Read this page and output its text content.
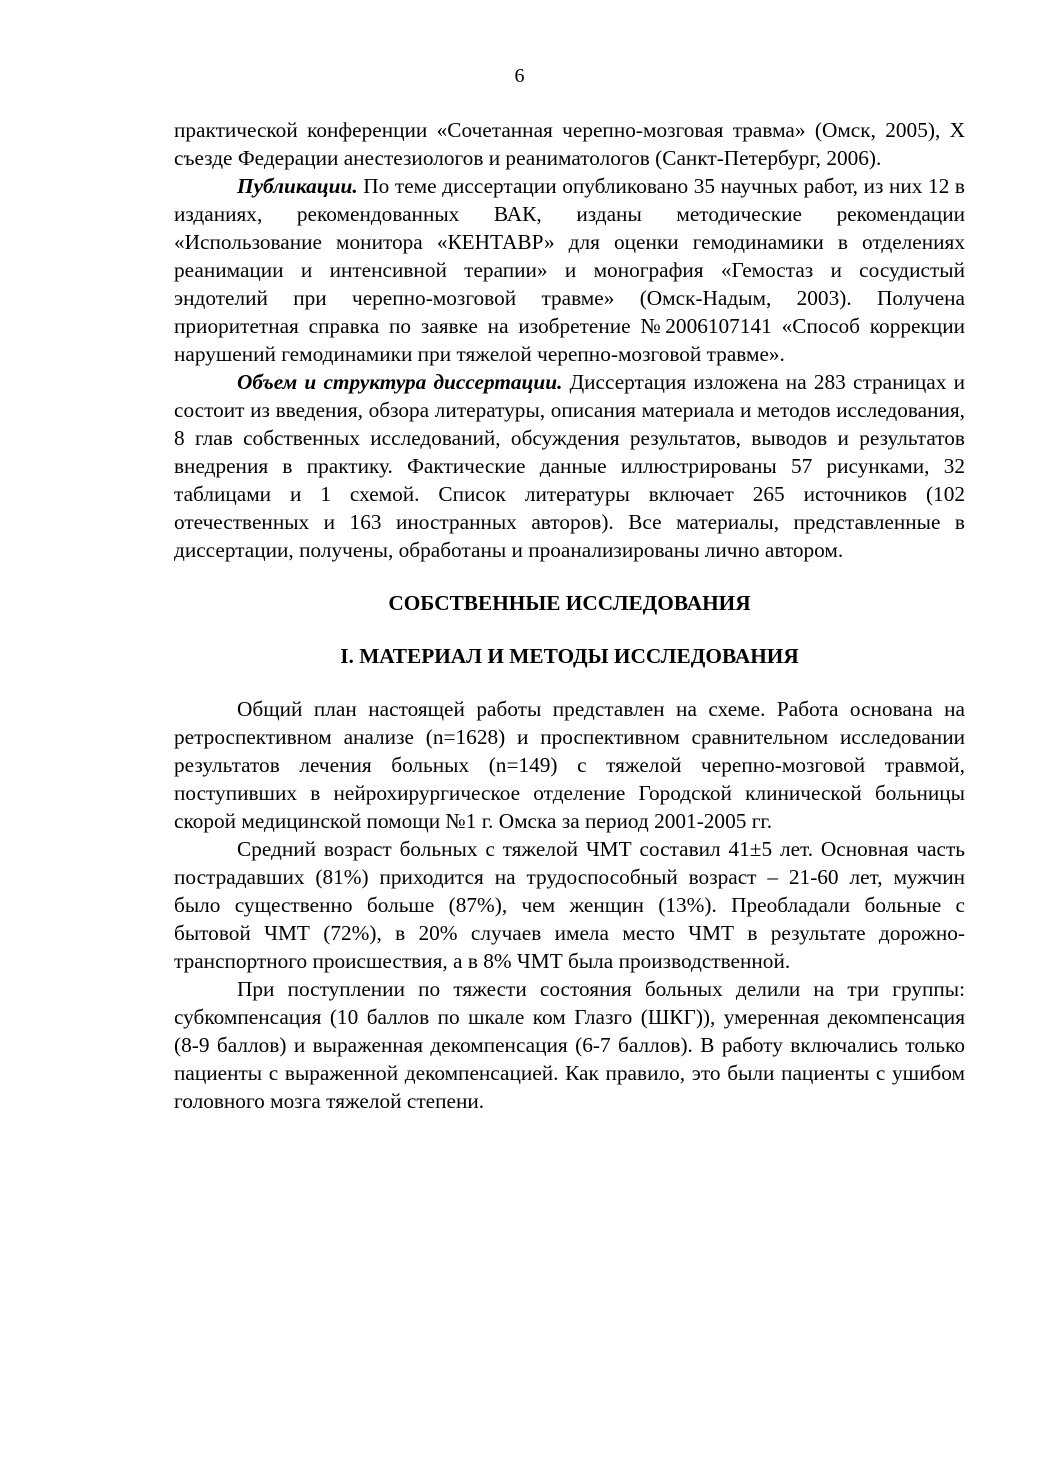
6

практической конференции «Сочетанная черепно-мозговая травма» (Омск, 2005), X съезде Федерации анестезиологов и реаниматологов (Санкт-Петербург, 2006).

Публикации. По теме диссертации опубликовано 35 научных работ, из них 12 в изданиях, рекомендованных ВАК, изданы методические рекомендации «Использование монитора «КЕНТАВР» для оценки гемодинамики в отделениях реанимации и интенсивной терапии» и монография «Гемостаз и сосудистый эндотелий при черепно-мозговой травме» (Омск-Надым, 2003). Получена приоритетная справка по заявке на изобретение №2006107141 «Способ коррекции нарушений гемодинамики при тяжелой черепно-мозговой травме».

Объем и структура диссертации. Диссертация изложена на 283 страницах и состоит из введения, обзора литературы, описания материала и методов исследования, 8 глав собственных исследований, обсуждения результатов, выводов и результатов внедрения в практику. Фактические данные иллюстрированы 57 рисунками, 32 таблицами и 1 схемой. Список литературы включает 265 источников (102 отечественных и 163 иностранных авторов). Все материалы, представленные в диссертации, получены, обработаны и проанализированы лично автором.

СОБСТВЕННЫЕ ИССЛЕДОВАНИЯ
I. МАТЕРИАЛ И МЕТОДЫ ИССЛЕДОВАНИЯ

Общий план настоящей работы представлен на схеме. Работа основана на ретроспективном анализе (n=1628) и проспективном сравнительном исследовании результатов лечения больных (n=149) с тяжелой черепно-мозговой травмой, поступивших в нейрохирургическое отделение Городской клинической больницы скорой медицинской помощи №1 г. Омска за период 2001-2005 гг.

Средний возраст больных с тяжелой ЧМТ составил 41±5 лет. Основная часть пострадавших (81%) приходится на трудоспособный возраст – 21-60 лет, мужчин было существенно больше (87%), чем женщин (13%). Преобладали больные с бытовой ЧМТ (72%), в 20% случаев имела место ЧМТ в результате дорожно-транспортного происшествия, а в 8% ЧМТ была производственной.

При поступлении по тяжести состояния больных делили на три группы: субкомпенсация (10 баллов по шкале ком Глазго (ШКГ)), умеренная декомпенсация (8-9 баллов) и выраженная декомпенсация (6-7 баллов). В работу включались только пациенты с выраженной декомпенсацией. Как правило, это были пациенты с ушибом головного мозга тяжелой степени.
